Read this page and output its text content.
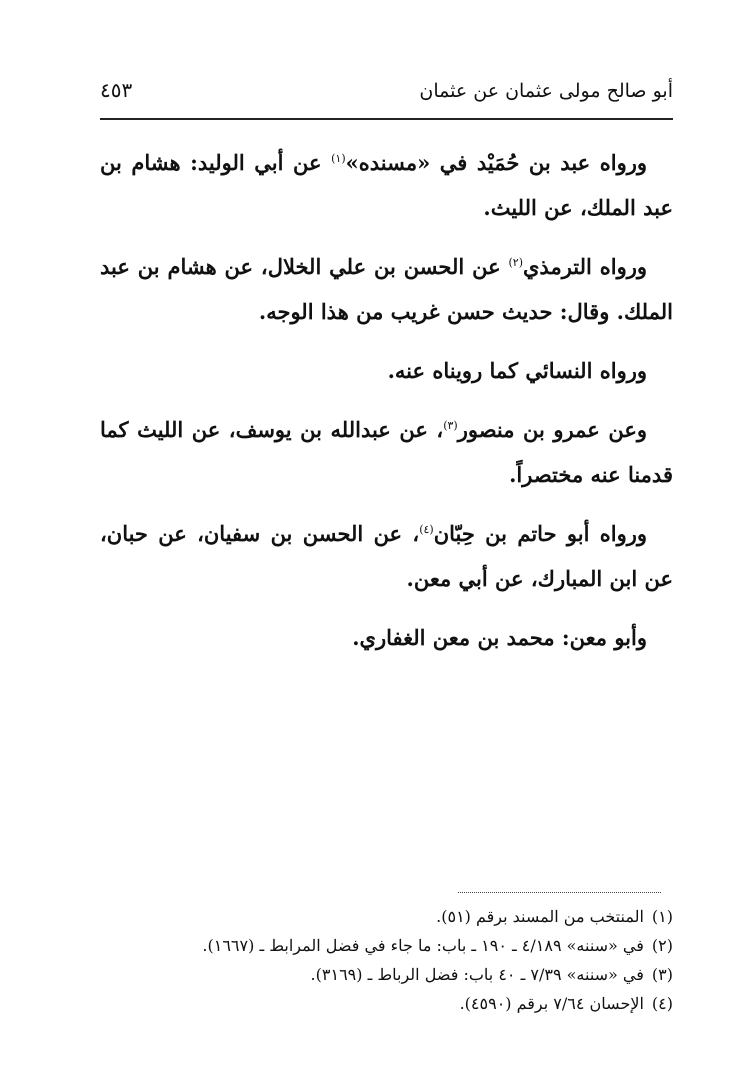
أبو صالح مولى عثمان عن عثمان
٤٥٣

ورواه عبد بن حُمَيْد في «مسنده»$^{(١)}$ عن أبي الوليد: هشام بن عبد الملك، عن الليث.

ورواه الترمذي$^{(٢)}$ عن الحسن بن علي الخلال، عن هشام بن عبد الملك. وقال: حديث حسن غريب من هذا الوجه.

ورواه النسائي كما رويناه عنه.

وعن عمرو بن منصور$^{(٣)}$، عن عبدالله بن يوسف، عن الليث كما قدمنا عنه مختصراً.

ورواه أبو حاتم بن حِبّان$^{(٤)}$، عن الحسن بن سفيان، عن حبان، عن ابن المبارك، عن أبي معن.

وأبو معن: محمد بن معن الغفاري.

(١)المنتخب من المسند برقم (٥١).
(٢)في «سننه» ٤/١٨٩ ـ ١٩٠ ـ باب: ما جاء في فضل المرابط ـ (١٦٦٧).
(٣)في «سننه» ٧/٣٩ ـ ٤٠ باب: فضل الرباط ـ (٣١٦٩).
(٤)الإحسان ٧/٦٤ برقم (٤٥٩٠).
